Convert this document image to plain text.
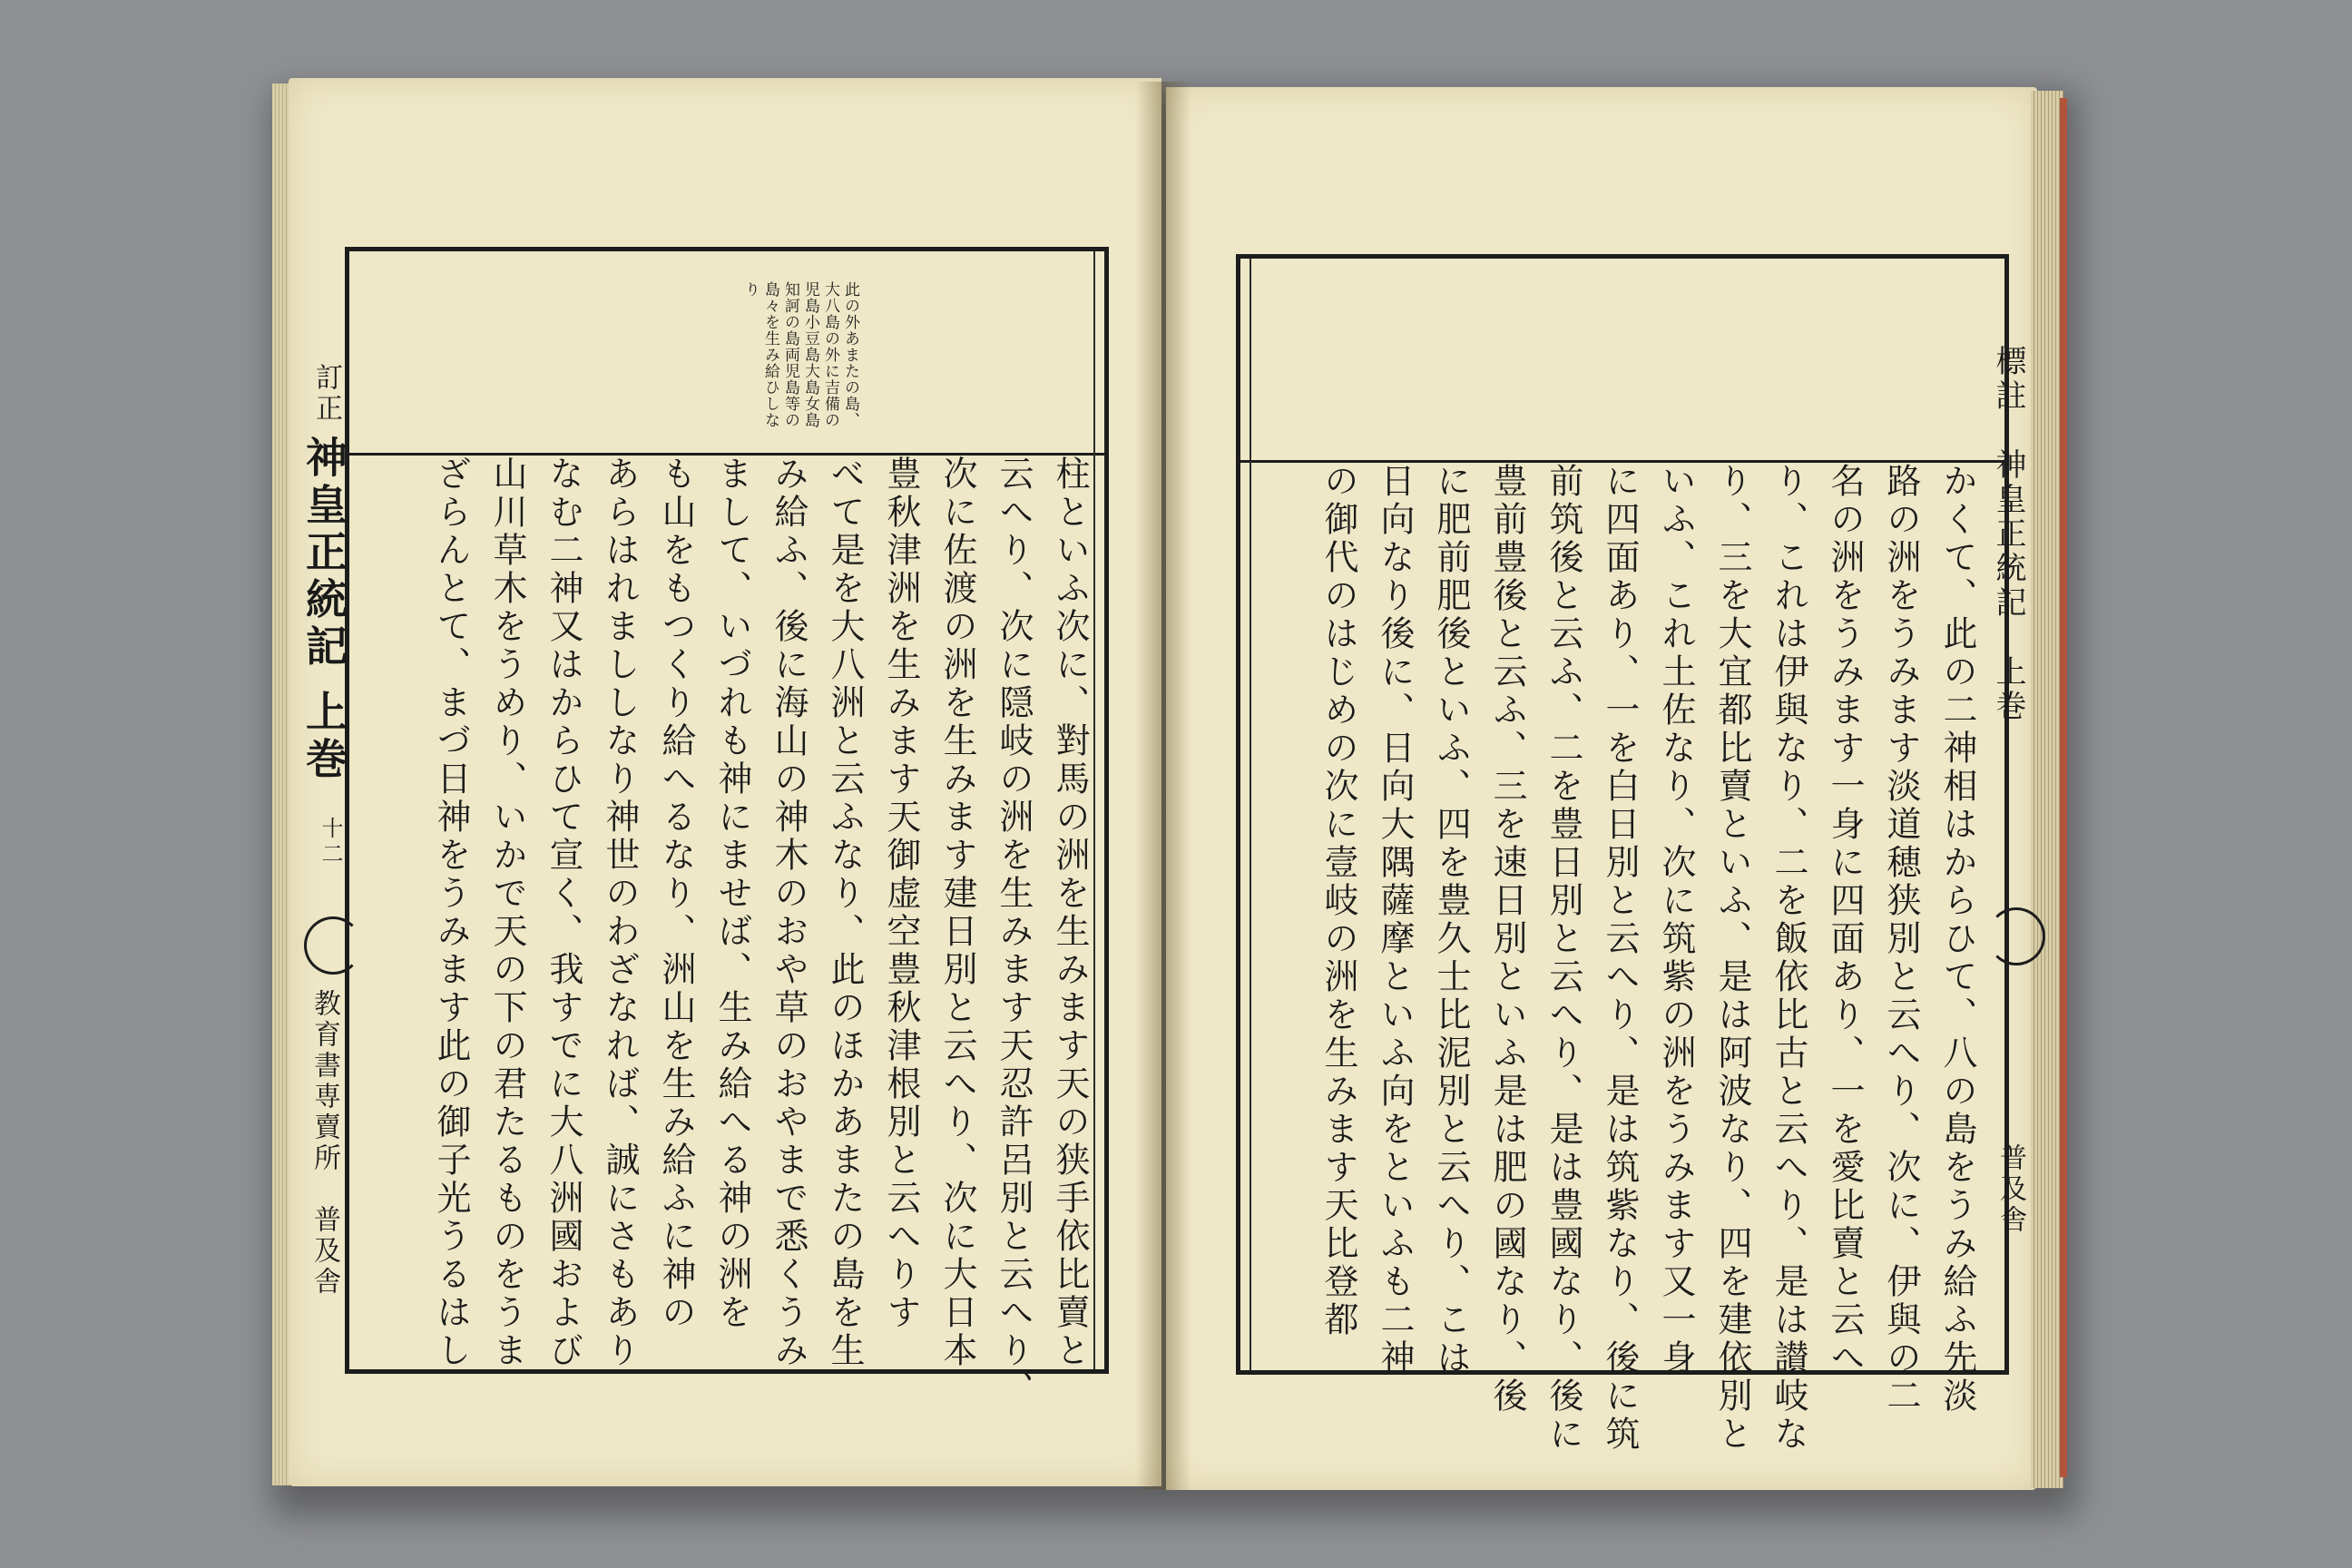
此の外あまたの島、
大八島の外に吉備の
児島小豆島大島女島
知訶の島両児島等の
島々を生み給ひしな
り
柱といふ次に、對馬の洲を生みます天の狭手依比賣と
云へり、次に隠岐の洲を生みます天忍許呂別と云へり、
次に佐渡の洲を生みます建日別と云へり、次に大日本
豊秋津洲を生みます天御虚空豊秋津根別と云へりす
べて是を大八洲と云ふなり、此のほかあまたの島を生
み給ふ、後に海山の神木のおや草のおやまで悉くうみ
まして、いづれも神にませば、生み給へる神の洲を
も山をもつくり給へるなり、洲山を生み給ふに神の
あらはれまししなり神世のわざなれば、誠にさもあり
なむ二神又はからひて宣く、我すでに大八洲國および
山川草木をうめり、いかで天の下の君たるものをうま
ざらんとて、まづ日神をうみます此の御子光うるはし
訂正
神皇正統記
上巻
十二
教育書専賣所　普及舎	かくて、此の二神相はからひて、八の島をうみ給ふ先淡
路の洲をうみます淡道穂狭別と云へり、次に、伊與の二
名の洲をうみます一身に四面あり、一を愛比賣と云へ
り、これは伊與なり、二を飯依比古と云へり、是は讃岐な
り、三を大宜都比賣といふ、是は阿波なり、四を建依別と
いふ、これ土佐なり、次に筑紫の洲をうみます又一身
に四面あり、一を白日別と云へり、是は筑紫なり、後に筑
前筑後と云ふ、二を豊日別と云へり、是は豊國なり、後に
豊前豊後と云ふ、三を速日別といふ是は肥の國なり、後
に肥前肥後といふ、四を豊久士比泥別と云へり、こは
日向なり後に、日向大隅薩摩といふ向をといふも二神
の御代のはじめの次に壹岐の洲を生みます天比登都	標註　神皇正統記　上巻
普及舎
